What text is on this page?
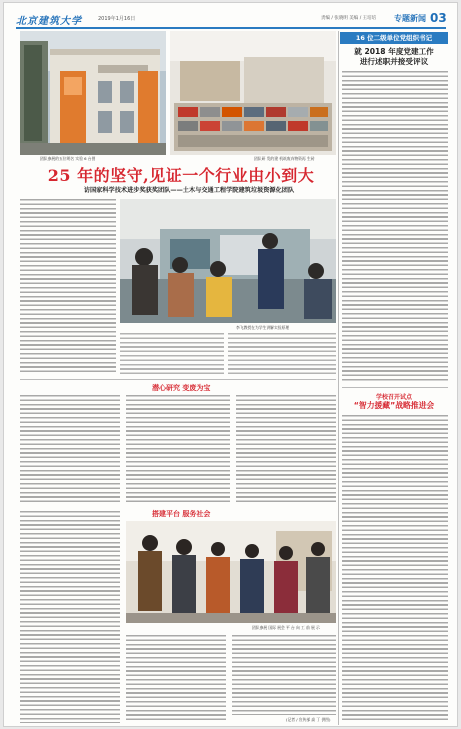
北京建筑大学	2019年1月16日	责编 / 张晓明 美编 / 王培培 专题新闻 03
团队参展的五位明名 实验 6 台图	团队研 发的建 机筑废弃物资再 生砖
25 年的坚守,见证一个行业由小到大
访国家科学技术进步奖获奖团队——土木与交通工程学院建筑垃圾资源化团队
李飞教授在为学生讲解实验原理
潜心研究 变废为宝
搭建平台 服务社会
团队参展 国际 展会 平 台 向 工 前 展 示
(记者 / 宣传部 高 丁 供图)
16 位二级单位党组织书记
就 2018 年度党建工作
进行述职并接受评议
学校召开试点
“智力援藏”战略推进会
